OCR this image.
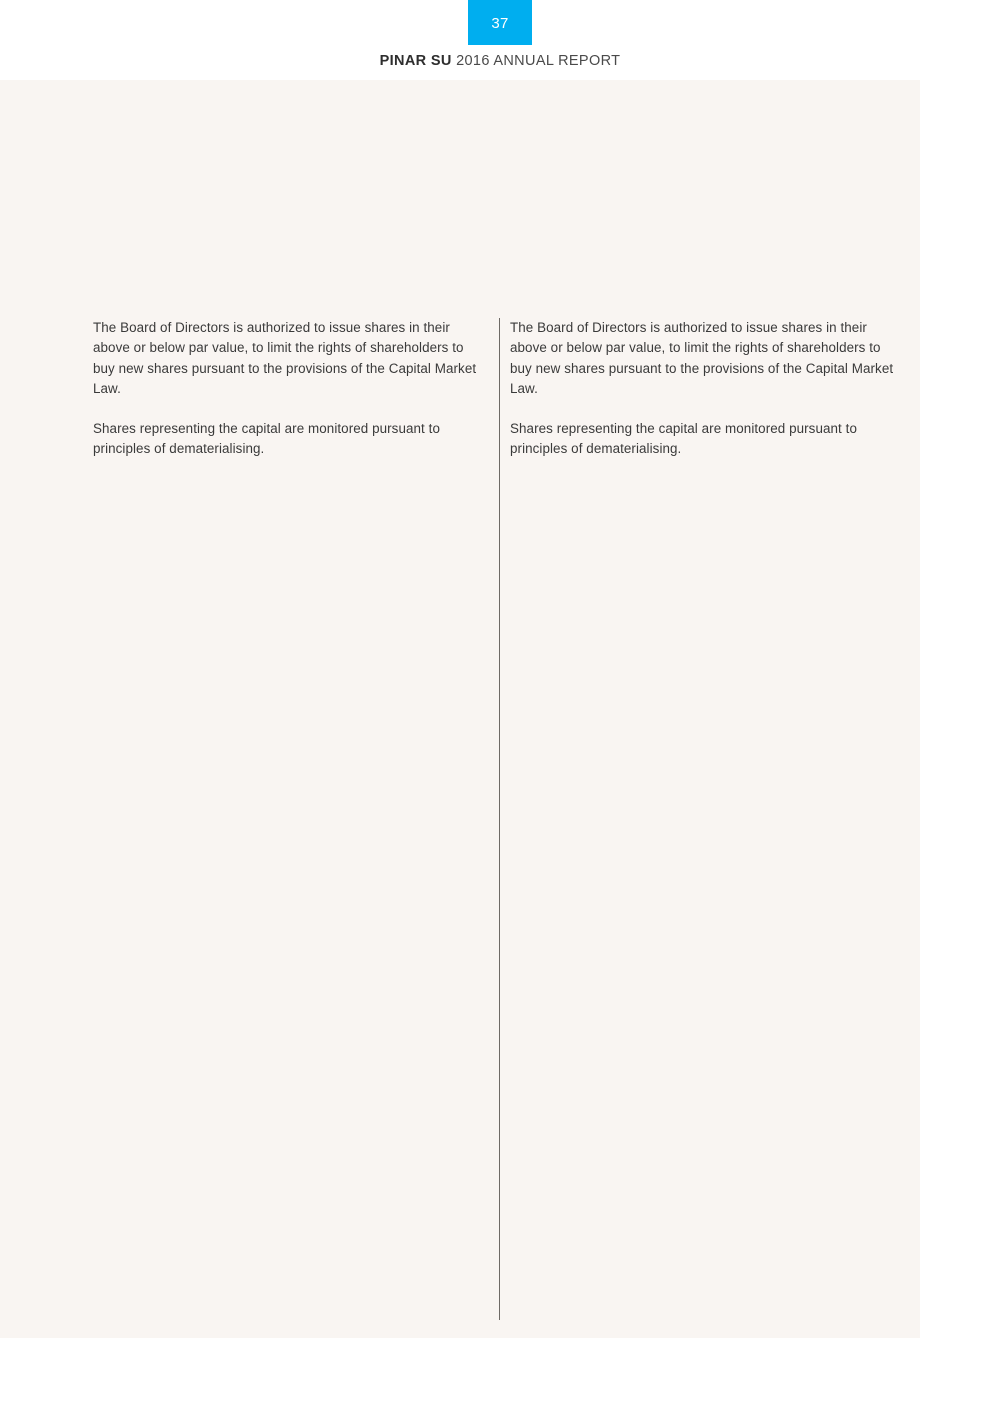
37
PINAR SU 2016 ANNUAL REPORT

The Board of Directors is authorized to issue shares in their above or below par value, to limit the rights of shareholders to buy new shares pursuant to the provisions of the Capital Market Law.

Shares representing the capital are monitored pursuant to principles of dematerialising.

The Board of Directors is authorized to issue shares in their above or below par value, to limit the rights of shareholders to buy new shares pursuant to the provisions of the Capital Market Law.

Shares representing the capital are monitored pursuant to principles of dematerialising.
